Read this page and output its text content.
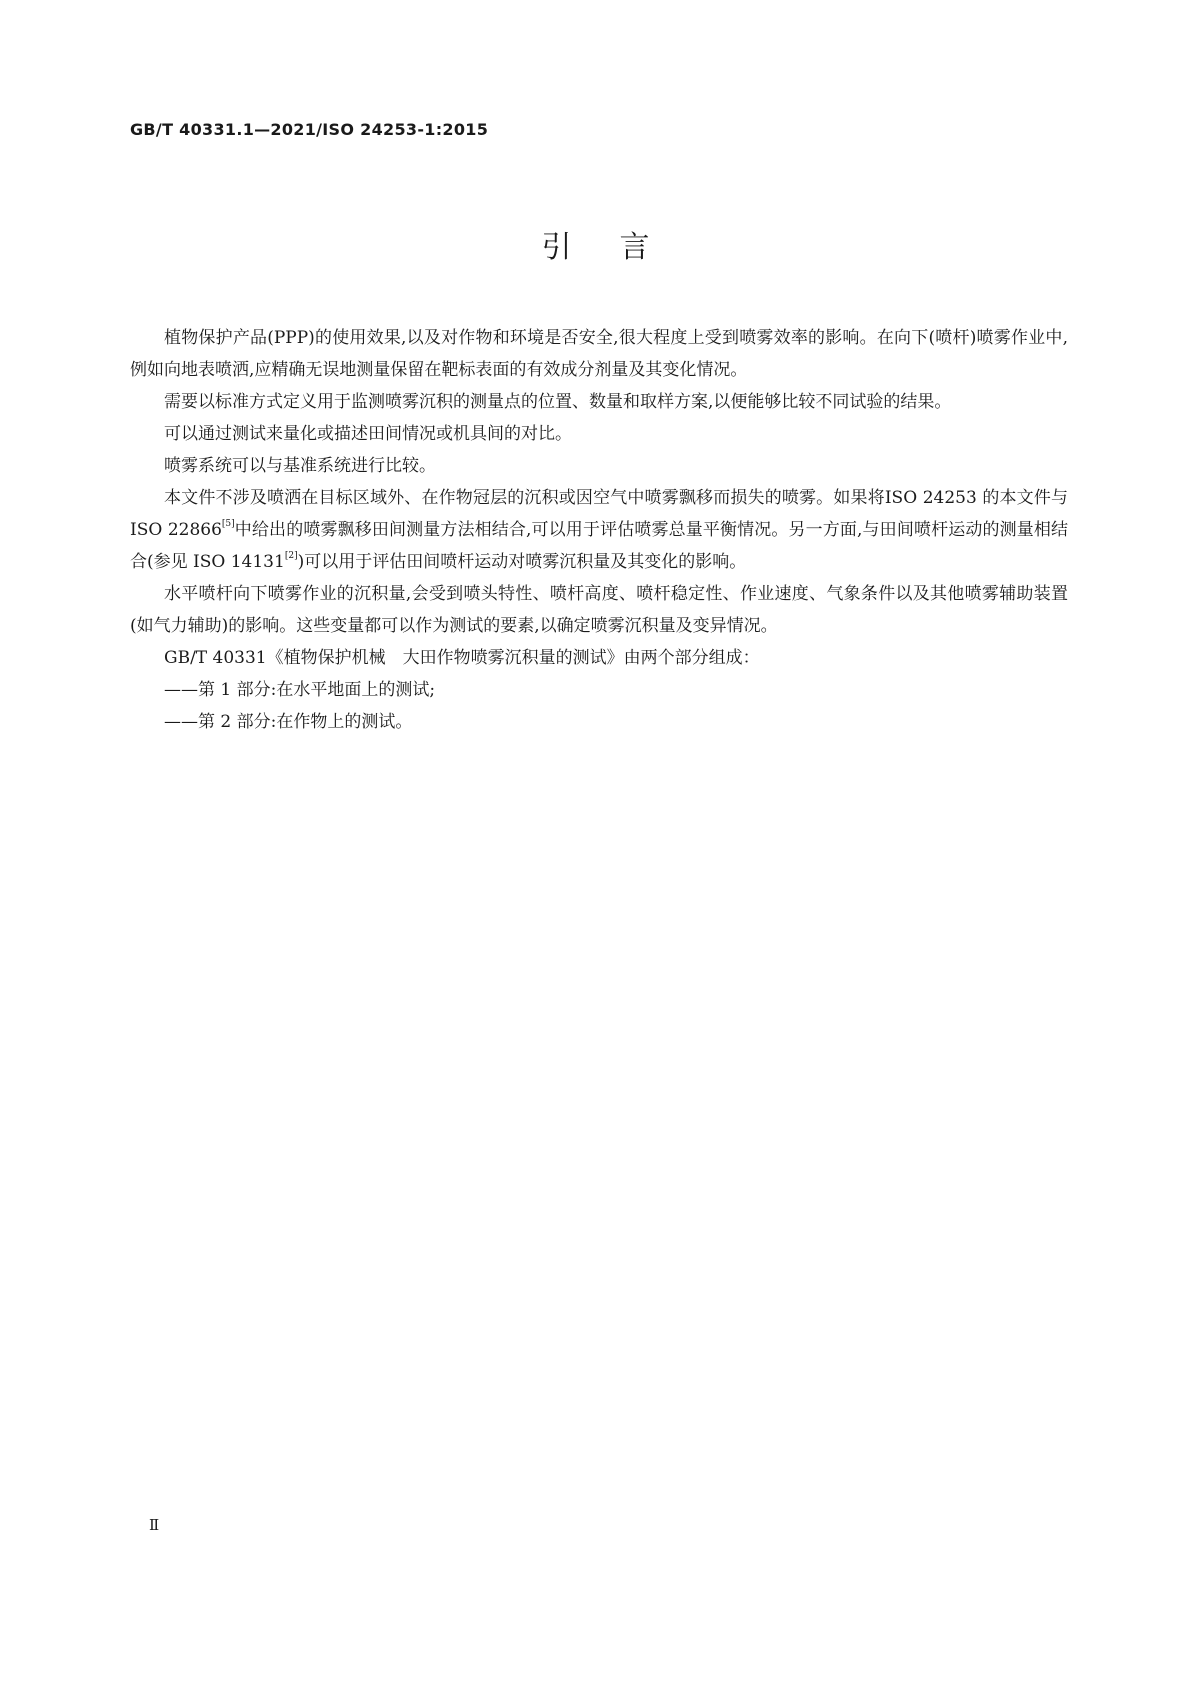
GB/T 40331.1—2021/ISO 24253-1:2015
引言

植物保护产品(PPP)的使用效果,以及对作物和环境是否安全,很大程度上受到喷雾效率的影响。在向下(喷杆)喷雾作业中,例如向地表喷洒,应精确无误地测量保留在靶标表面的有效成分剂量及其变化情况。

需要以标准方式定义用于监测喷雾沉积的测量点的位置、数量和取样方案,以便能够比较不同试验的结果。

可以通过测试来量化或描述田间情况或机具间的对比。

喷雾系统可以与基准系统进行比较。

本文件不涉及喷洒在目标区域外、在作物冠层的沉积或因空气中喷雾飘移而损失的喷雾。如果将ISO 24253 的本文件与 ISO 22866[5]中给出的喷雾飘移田间测量方法相结合,可以用于评估喷雾总量平衡情况。另一方面,与田间喷杆运动的测量相结合(参见 ISO 14131[2])可以用于评估田间喷杆运动对喷雾沉积量及其变化的影响。

水平喷杆向下喷雾作业的沉积量,会受到喷头特性、喷杆高度、喷杆稳定性、作业速度、气象条件以及其他喷雾辅助装置(如气力辅助)的影响。这些变量都可以作为测试的要素,以确定喷雾沉积量及变异情况。

GB/T 40331《植物保护机械　大田作物喷雾沉积量的测试》由两个部分组成：

——第 1 部分:在水平地面上的测试;

——第 2 部分:在作物上的测试。

Ⅱ
